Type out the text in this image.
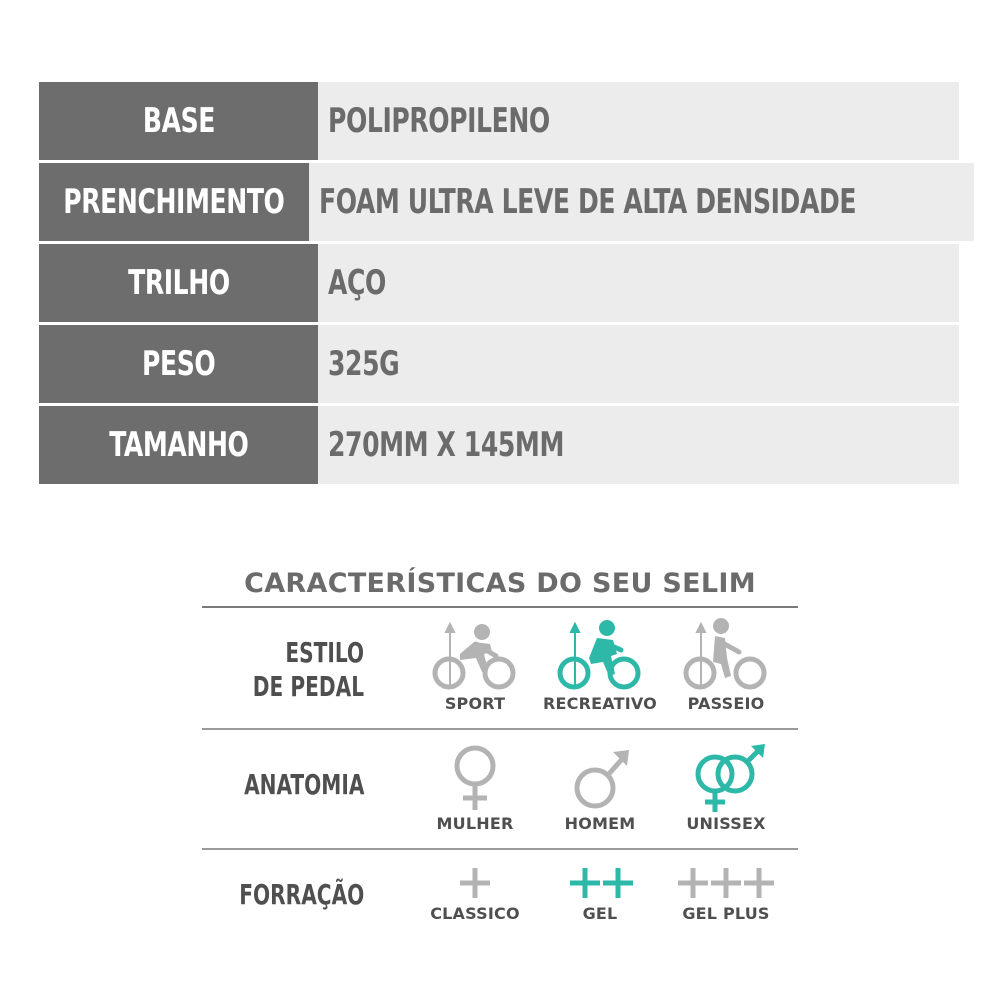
BASE	POLIPROPILENO
PRENCHIMENTO FOAM ULTRA LEVE DE ALTA DENSIDADE
TRILHO	AÇO
PESO	325G
TAMANHO 270MM X 145MM
CARACTERÍSTICAS DO SEU SELIM
ESTILO
DE PEDAL
SPORT	RECREATIVO	PASSEIO
ANATOMIA
MULHER	HOMEM	UNISSEX
FORRAÇÃO
CLASSICO	GEL	GEL PLUS
